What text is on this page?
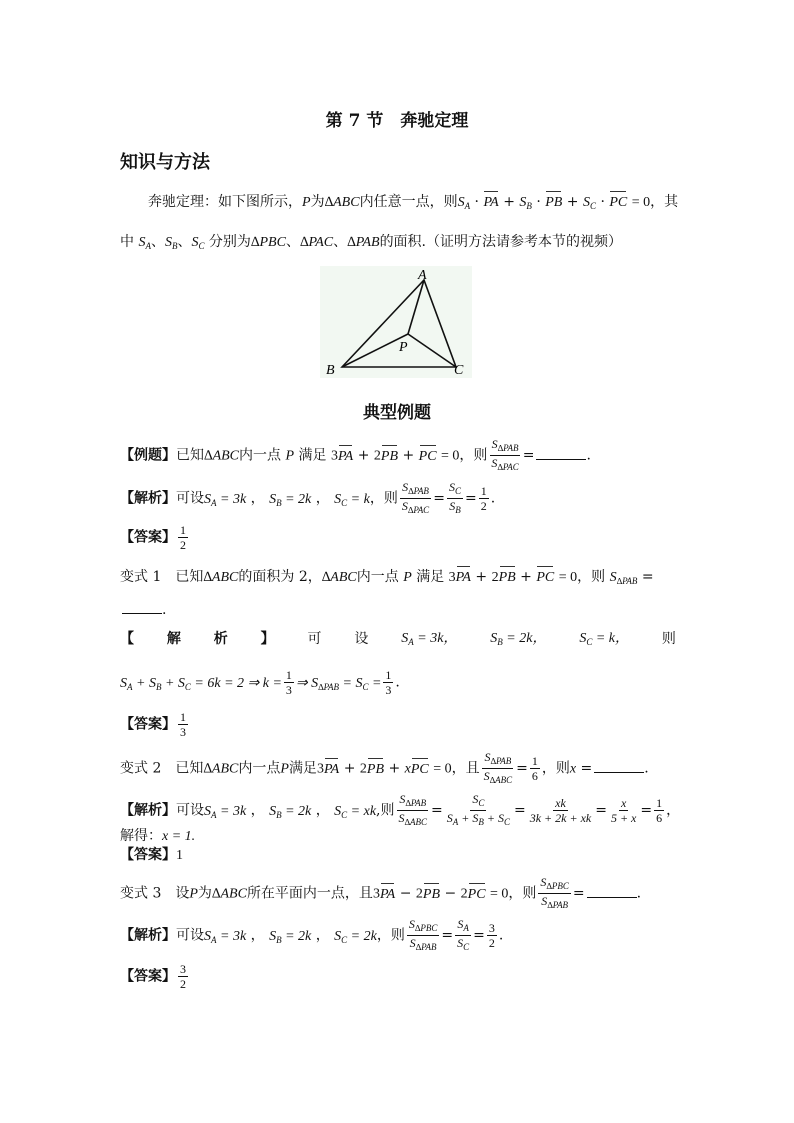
第 7 节　奔驰定理
知识与方法
奔驰定理：如下图所示，P为∆ABC内任意一点，则$S_A$ · PA + $S_B$ · PB + $S_C$ · PC = 0，其
中 $S_A$、$S_B$、$S_C$ 分别为∆PBC、∆PAC、∆PAB的面积.（证明方法请参考本节的视频）
A
B	C
P
典型例题
【例题】已知∆ABC内一点 P 满足 3PA + 2PB + PC = 0，则 $\frac{S_{\Delta PAB}}{S_{\Delta PAC}}$ =	.
【解析】可设$S_A = 3k$ ， $S_B = 2k$ ， $S_C = k$，则 $\frac{S_{\Delta PAB}}{S_{\Delta PAC}} = \frac{S_C}{S_B} = \frac{1}{2}$ .
【答案】 $\frac{1}{2}$
变式 1　 已知∆ABC的面积为 2，∆ABC内一点 P 满足 3PA + 2PB + PC = 0，则 $S_{\Delta PAB}$ =
.
【 解 析 】 可 设 $S_A = 3k$， $S_B = 2k$， $S_C = k$， 则
$S_A + S_B + S_C = 6k = 2$ ⇒ $k = \frac{1}{3}$ ⇒ $S_{\Delta PAB} = S_C = \frac{1}{3}$ .
【答案】 $\frac{1}{3}$
变式 2　 已知∆ABC内一点P满足3PA + 2PB + xPC = 0，且 $\frac{S_{\Delta PAB}}{S_{\Delta ABC}} = \frac{1}{6}$ ，则x =	.
【解析】可设$S_A = 3k$ ， $S_B = 2k$ ， $S_C$ = xk,则 $\frac{S_{\Delta PAB}}{S_{\Delta ABC}} = \frac{S_C}{S_A + S_B + S_C} = \frac{xk}{3k + 2k + xk} = \frac{x}{5 + x} = \frac{1}{6}$ ，
解得：x = 1.
【答案】1
变式 3　 设P为∆ABC所在平面内一点，且3PA − 2PB − 2PC = 0，则 $\frac{S_{\Delta PBC}}{S_{\Delta PAB}}$ =	.
【解析】可设$S_A = 3k$ ， $S_B = 2k$ ， $S_C = 2k$，则 $\frac{S_{\Delta PBC}}{S_{\Delta PAB}} = \frac{S_A}{S_C} = \frac{3}{2}$ .
【答案】 $\frac{3}{2}$
